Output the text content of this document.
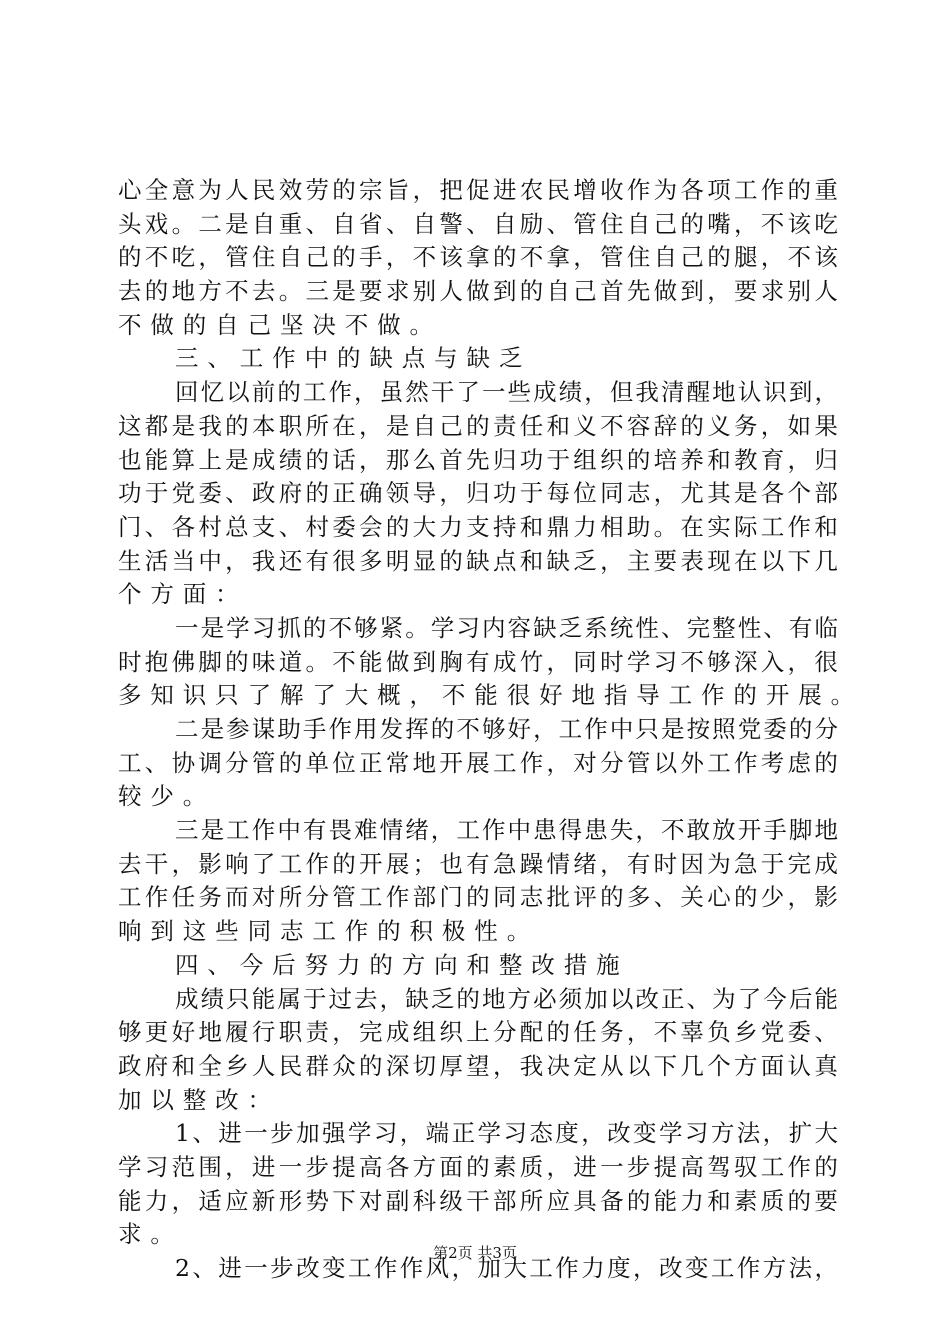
心 全 意 为 人 民 效 劳 的 宗 旨 ， 把 促 进 农 民 增 收 作 为 各 项 工 作 的 重
头 戏 。 二 是 自 重 、 自 省 、 自 警 、 自 励 、 管 住 自 己 的 嘴 ， 不 该 吃
的 不 吃 ， 管 住 自 己 的 手 ， 不 该 拿 的 不 拿 ， 管 住 自 己 的 腿 ， 不 该
去 的 地 方 不 去 。 三 是 要 求 别 人 做 到 的 自 己 首 先 做 到 ， 要 求 别 人
不 做 的 自 己 坚 决 不 做 。
三 、 工 作 中 的 缺 点 与 缺 乏
回 忆 以 前 的 工 作 ， 虽 然 干 了 一 些 成 绩 ， 但 我 清 醒 地 认 识 到 ，
这 都 是 我 的 本 职 所 在 ， 是 自 己 的 责 任 和 义 不 容 辞 的 义 务 ， 如 果
也 能 算 上 是 成 绩 的 话 ， 那 么 首 先 归 功 于 组 织 的 培 养 和 教 育 ， 归
功 于 党 委 、 政 府 的 正 确 领 导 ， 归 功 于 每 位 同 志 ， 尤 其 是 各 个 部
门 、 各 村 总 支 、 村 委 会 的 大 力 支 持 和 鼎 力 相 助 。 在 实 际 工 作 和
生 活 当 中 ， 我 还 有 很 多 明 显 的 缺 点 和 缺 乏 ， 主 要 表 现 在 以 下 几
个 方 面 ：
一 是 学 习 抓 的 不 够 紧 。 学 习 内 容 缺 乏 系 统 性 、 完 整 性 、 有 临
时 抱 佛 脚 的 味 道 。 不 能 做 到 胸 有 成 竹 ， 同 时 学 习 不 够 深 入 ， 很
多 知 识 只 了 解 了 大 概 ， 不 能 很 好 地 指 导 工 作 的 开 展 。
二 是 参 谋 助 手 作 用 发 挥 的 不 够 好 ， 工 作 中 只 是 按 照 党 委 的 分
工 、 协 调 分 管 的 单 位 正 常 地 开 展 工 作 ， 对 分 管 以 外 工 作 考 虑 的
较 少 。
三 是 工 作 中 有 畏 难 情 绪 ， 工 作 中 患 得 患 失 ， 不 敢 放 开 手 脚 地
去 干 ， 影 响 了 工 作 的 开 展 ； 也 有 急 躁 情 绪 ， 有 时 因 为 急 于 完 成
工 作 任 务 而 对 所 分 管 工 作 部 门 的 同 志 批 评 的 多 、 关 心 的 少 ， 影
响 到 这 些 同 志 工 作 的 积 极 性 。
四 、 今 后 努 力 的 方 向 和 整 改 措 施
成 绩 只 能 属 于 过 去 ， 缺 乏 的 地 方 必 须 加 以 改 正 、 为 了 今 后 能
够 更 好 地 履 行 职 责 ， 完 成 组 织 上 分 配 的 任 务 ， 不 辜 负 乡 党 委 、
政 府 和 全 乡 人 民 群 众 的 深 切 厚 望 ， 我 决 定 从 以 下 几 个 方 面 认 真
加 以 整 改 ：
1 、 进 一 步 加 强 学 习 ， 端 正 学 习 态 度 ， 改 变 学 习 方 法 ， 扩 大
学 习 范 围 ， 进 一 步 提 高 各 方 面 的 素 质 ， 进 一 步 提 高 驾 驭 工 作 的
能 力 ， 适 应 新 形 势 下 对 副 科 级 干 部 所 应 具 备 的 能 力 和 素 质 的 要
求 。
2 、 进 一 步 改 变 工 作 作 风 ， 加 大 工 作 力 度 ， 改 变 工 作 方 法 ，
第2页 共3页
